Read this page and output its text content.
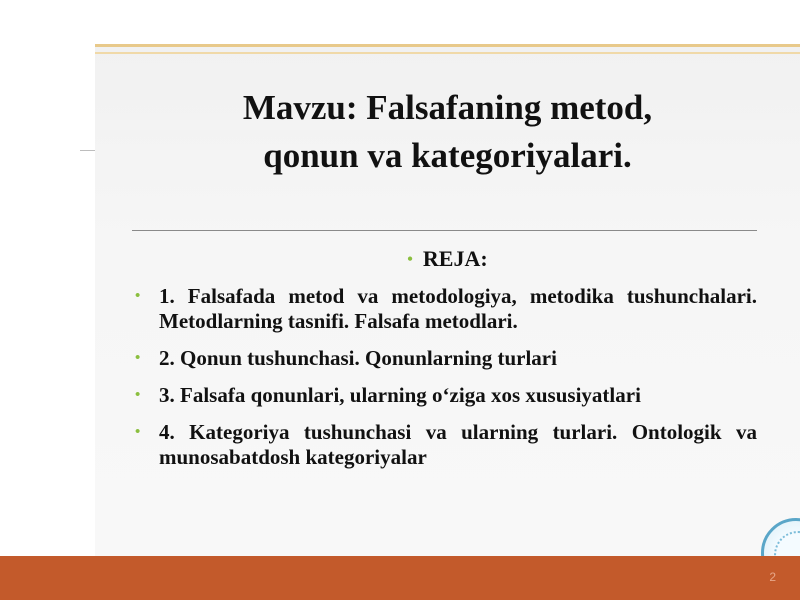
Mavzu: Falsafaning metod,
qonun va kategoriyalari.
• REJA:
• 1. Falsafada metod va metodologiya, metodika tushunchalari. Metodlarning tasnifi. Falsafa metodlari.
• 2. Qonun tushunchasi. Qonunlarning turlari
• 3. Falsafa qonunlari, ularning o‘ziga xos xususiyatlari
• 4. Kategoriya tushunchasi va ularning turlari. Ontologik va munosabatdosh kategoriyalar
2
